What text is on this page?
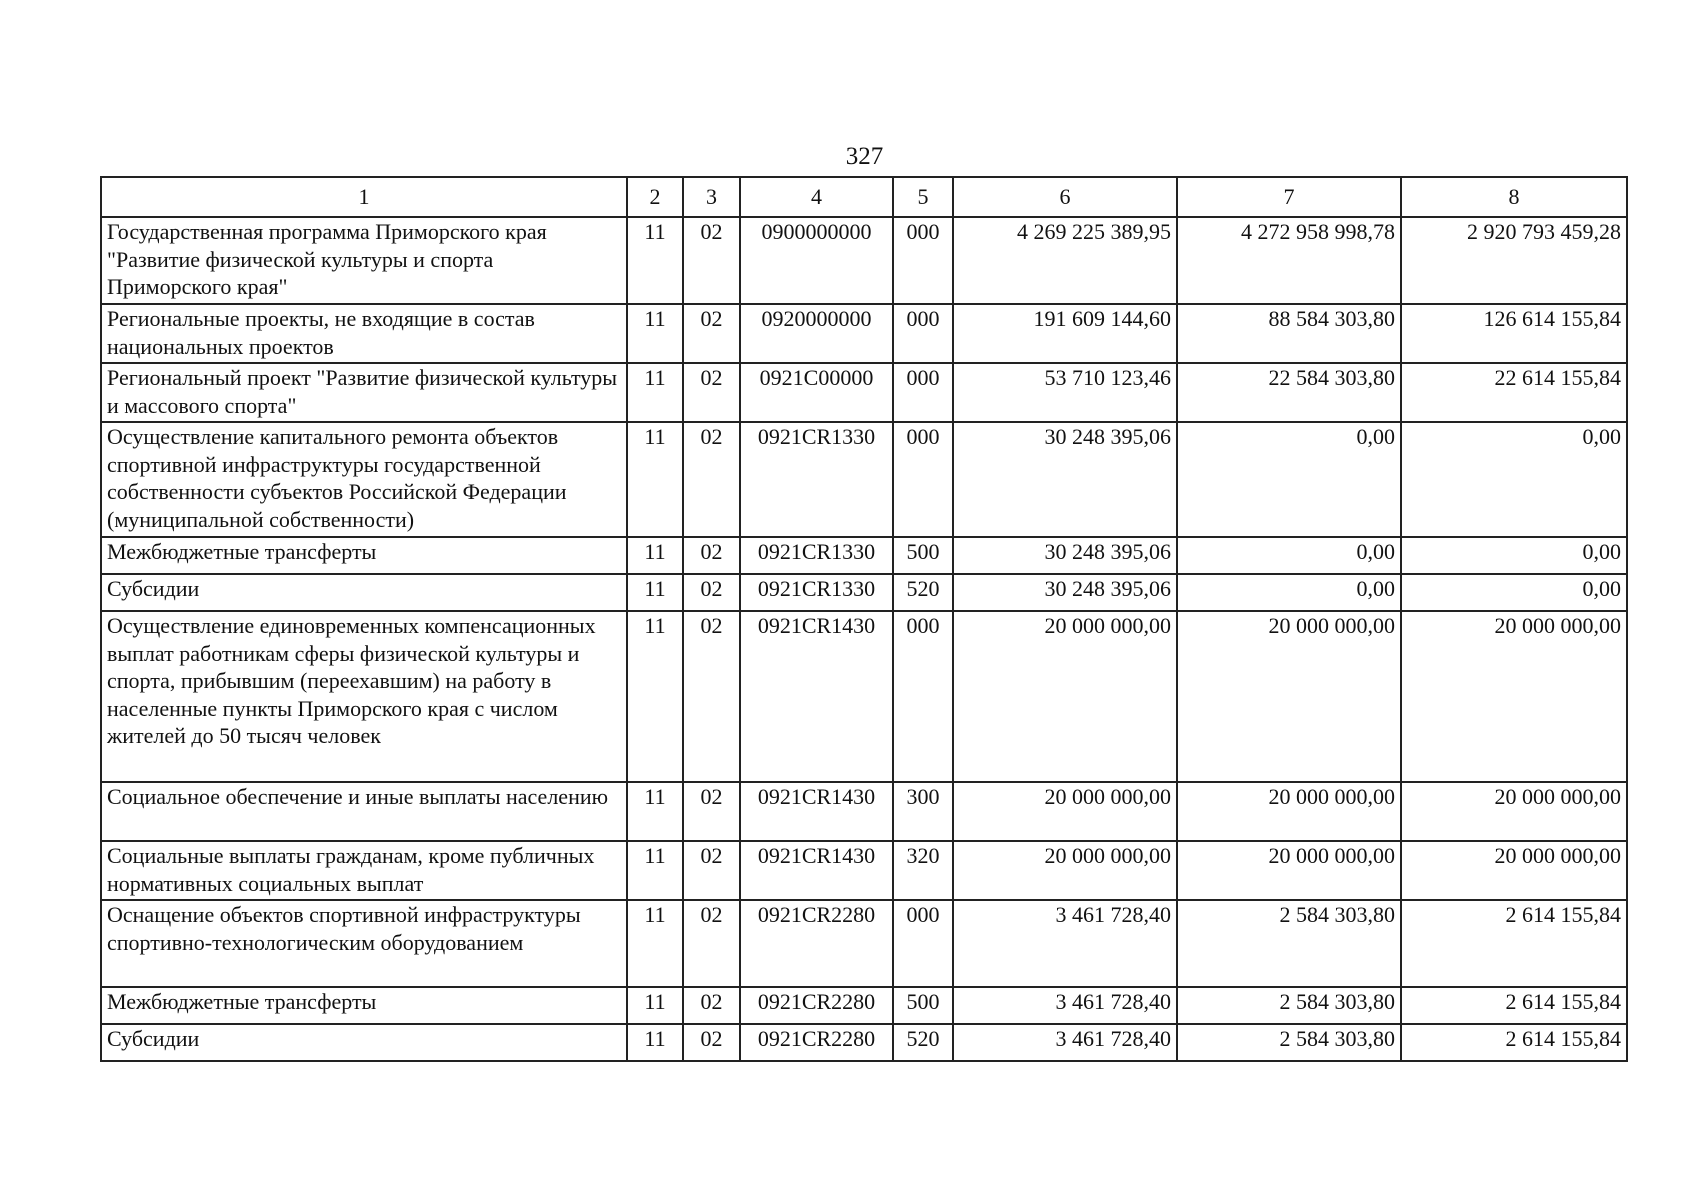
327
1	2	3	4	5	6	7	8
Государственная программа Приморского края "Развитие физической культуры и спорта Приморского края"	11	02	0900000000	000	4 269 225 389,95	4 272 958 998,78	2 920 793 459,28
Региональные проекты, не входящие в состав национальных проектов	11	02	0920000000	000	191 609 144,60	88 584 303,80	126 614 155,84
Региональный проект "Развитие физической культуры и массового спорта"	11	02	0921C00000	000	53 710 123,46	22 584 303,80	22 614 155,84
Осуществление капитального ремонта объектов спортивной инфраструктуры государственной собственности субъектов Российской Федерации (муниципальной собственности)	11	02	0921CR1330	000	30 248 395,06	0,00	0,00
Межбюджетные трансферты	11	02	0921CR1330	500	30 248 395,06	0,00	0,00
Субсидии	11	02	0921CR1330	520	30 248 395,06	0,00	0,00
Осуществление единовременных компенсационных выплат работникам сферы физической культуры и спорта, прибывшим (переехавшим) на работу в населенные пункты Приморского края с числом жителей до 50 тысяч человек	11	02	0921CR1430	000	20 000 000,00	20 000 000,00	20 000 000,00
Социальное обеспечение и иные выплаты населению	11	02	0921CR1430	300	20 000 000,00	20 000 000,00	20 000 000,00
Социальные выплаты гражданам, кроме публичных нормативных социальных выплат	11	02	0921CR1430	320	20 000 000,00	20 000 000,00	20 000 000,00
Оснащение объектов спортивной инфраструктуры спортивно-технологическим оборудованием	11	02	0921CR2280	000	3 461 728,40	2 584 303,80	2 614 155,84
Межбюджетные трансферты	11	02	0921CR2280	500	3 461 728,40	2 584 303,80	2 614 155,84
Субсидии	11	02	0921CR2280	520	3 461 728,40	2 584 303,80	2 614 155,84
